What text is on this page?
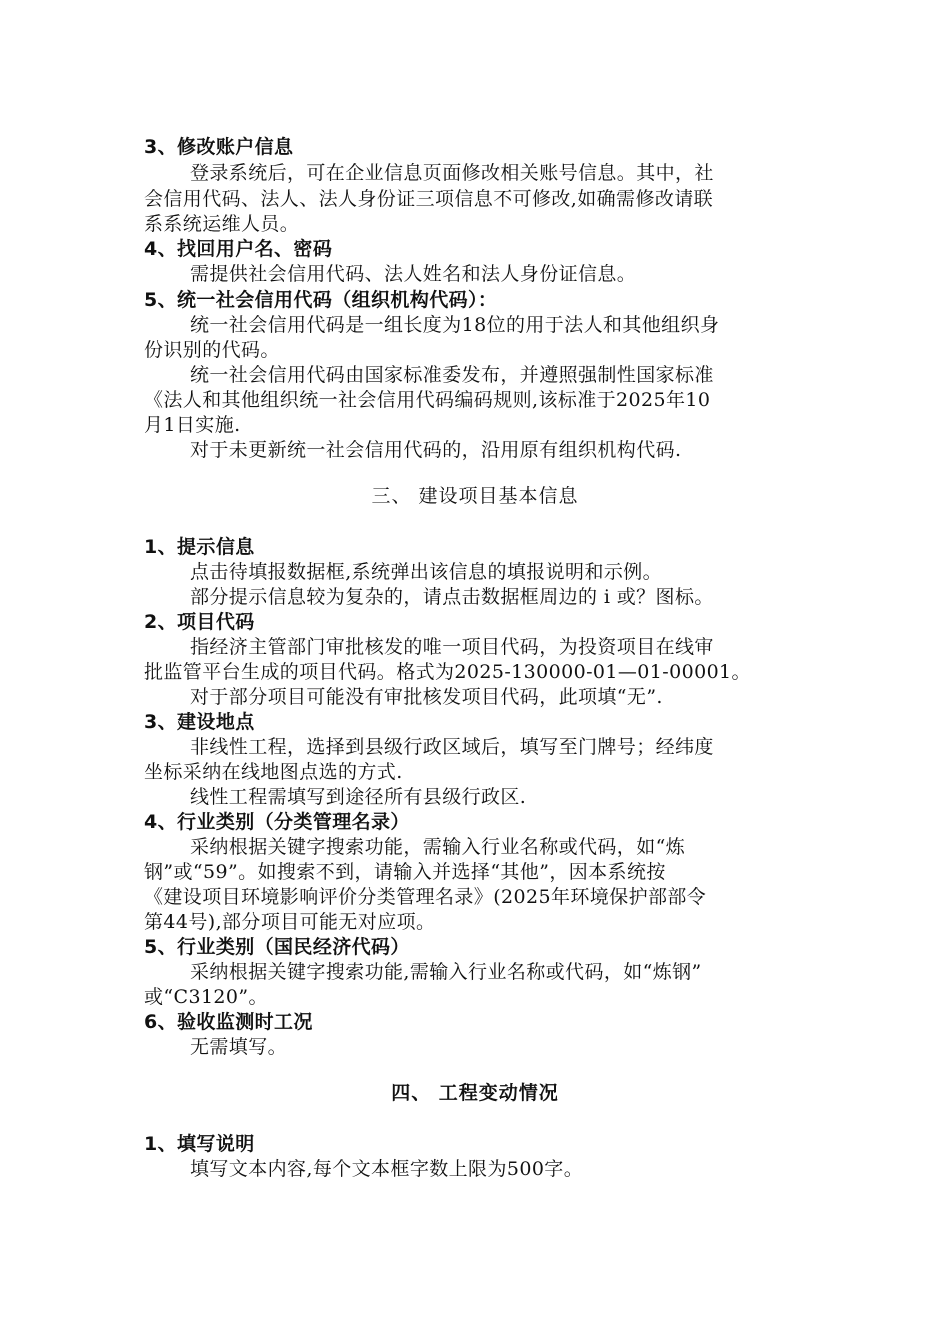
3、修改账户信息
登录系统后，可在企业信息页面修改相关账号信息。其中，社
会信用代码、法人、法人身份证三项信息不可修改,如确需修改请联
系系统运维人员。
4、找回用户名、密码
需提供社会信用代码、法人姓名和法人身份证信息。
5、统一社会信用代码（组织机构代码）：
统一社会信用代码是一组长度为18位的用于法人和其他组织身
份识别的代码。
统一社会信用代码由国家标准委发布，并遵照强制性国家标准
《法人和其他组织统一社会信用代码编码规则,该标准于2025年10
月1日实施.
对于未更新统一社会信用代码的，沿用原有组织机构代码.
三、 建设项目基本信息
1、提示信息
点击待填报数据框,系统弹出该信息的填报说明和示例。
部分提示信息较为复杂的，请点击数据框周边的 i 或？图标。
2、项目代码
指经济主管部门审批核发的唯一项目代码，为投资项目在线审
批监管平台生成的项目代码。格式为2025-130000-01—01-00001。
对于部分项目可能没有审批核发项目代码，此项填“无”.
3、建设地点
非线性工程，选择到县级行政区域后，填写至门牌号；经纬度
坐标采纳在线地图点选的方式.
线性工程需填写到途径所有县级行政区.
4、行业类别（分类管理名录）
采纳根据关键字搜索功能，需输入行业名称或代码，如“炼
钢”或“59”。如搜索不到，请输入并选择“其他”，因本系统按
《建设项目环境影响评价分类管理名录》(2025年环境保护部部令
第44号),部分项目可能无对应项。
5、行业类别（国民经济代码）
采纳根据关键字搜索功能,需输入行业名称或代码，如“炼钢”
或“C3120”。
6、验收监测时工况
无需填写。
四、 工程变动情况
1、填写说明
填写文本内容,每个文本框字数上限为500字。
